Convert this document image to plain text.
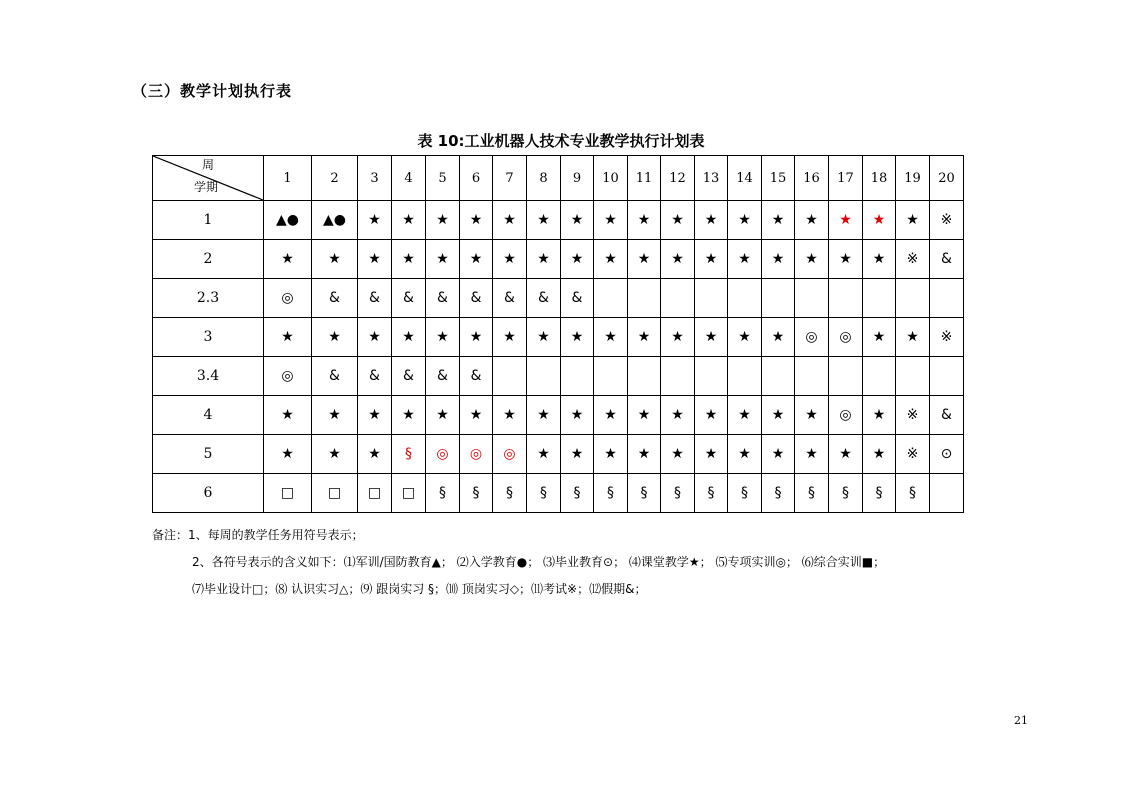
（三）教学计划执行表
表 10:工业机器人技术专业教学执行计划表
周
学期	1	2	3	4	5	6	7	8	9	10	11	12	13	14	15	16	17	18	19	20
1	▲●	▲●	★	★	★	★	★	★	★	★	★	★	★	★	★	★	★	★	★	※
2	★	★	★	★	★	★	★	★	★	★	★	★	★	★	★	★	★	★	※	&
2.3	◎	&	&	&	&	&	&	&	&											
3	★	★	★	★	★	★	★	★	★	★	★	★	★	★	★	◎	◎	★	★	※
3.4	◎	&	&	&	&	&														
4	★	★	★	★	★	★	★	★	★	★	★	★	★	★	★	★	◎	★	※	&
5	★	★	★	§	◎	◎	◎	★	★	★	★	★	★	★	★	★	★	★	※	⊙
6	□	□	□	□	§	§	§	§	§	§	§	§	§	§	§	§	§	§	§	
备注：1、每周的教学任务用符号表示；
2、各符号表示的含义如下：⑴军训/国防教育▲； ⑵入学教育●； ⑶毕业教育⊙； ⑷课堂教学★； ⑸专项实训◎； ⑹综合实训■；
⑺毕业设计□；⑻ 认识实习△；⑼ 跟岗实习 §；⑽ 顶岗实习◇；⑾考试※；⑿假期&；
21
